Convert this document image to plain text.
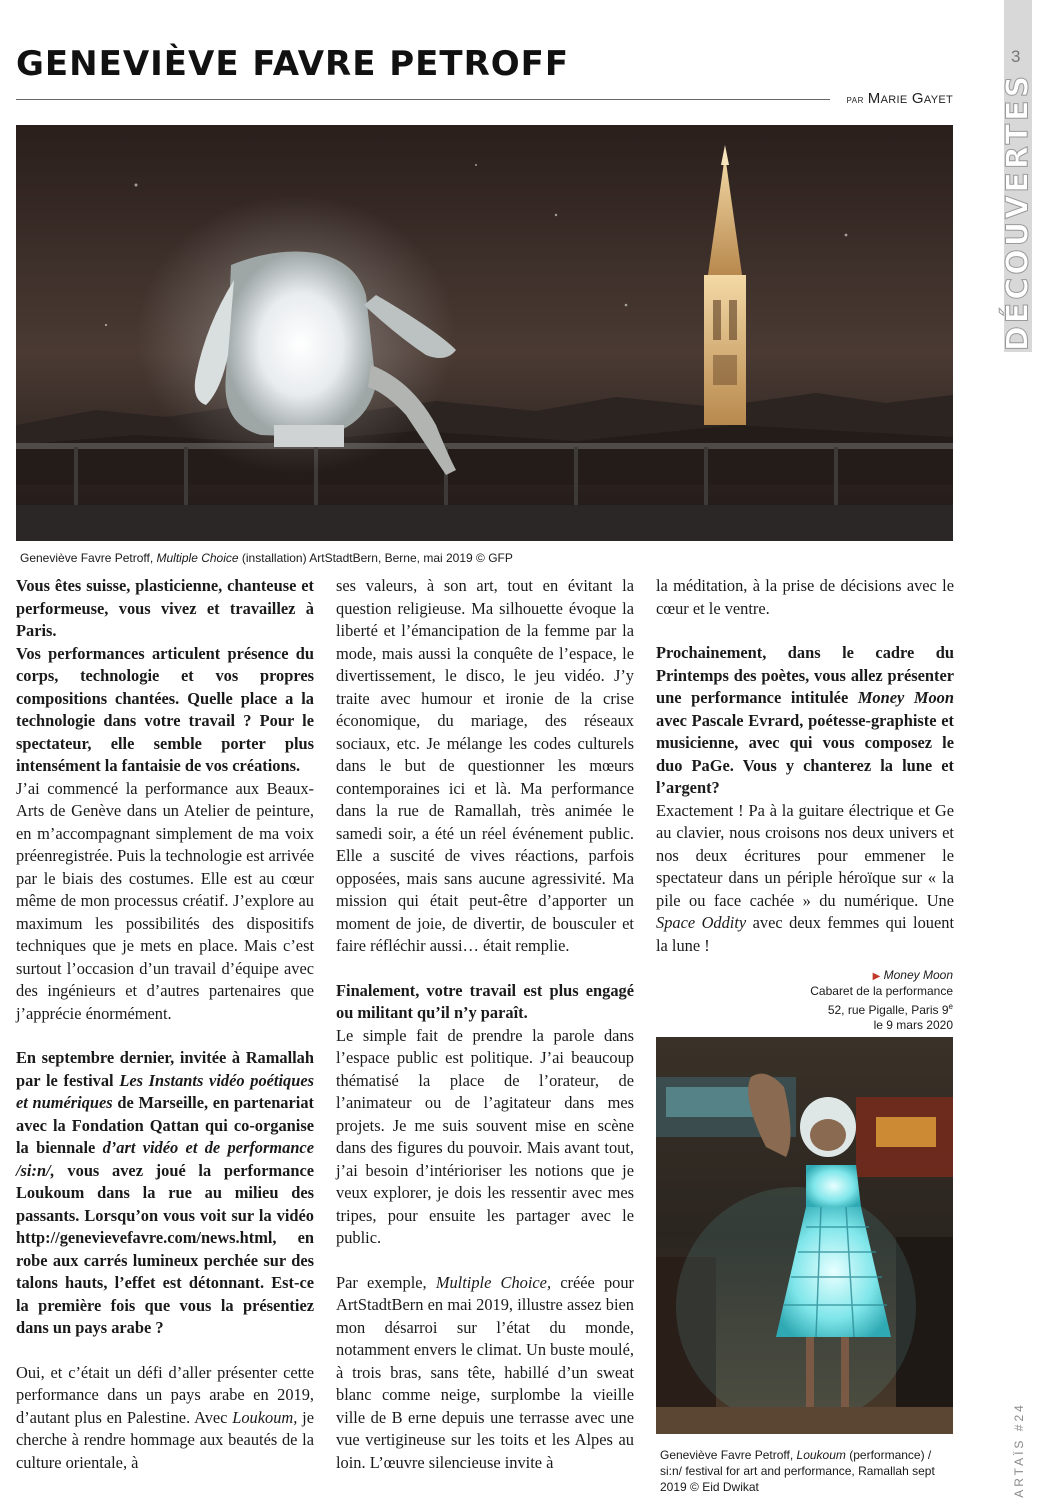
GENEVIÈVE FAVRE PETROFF
par Marie Gayet
3
DÉCOUVERTES
ARTAÏS #24
Geneviève Favre Petroff, Multiple Choice (installation) ArtStadtBern, Berne, mai 2019 © GFP

Vous êtes suisse, plasticienne, chanteuse et performeuse, vous vivez et travaillez à Paris.

Vos performances articulent présence du corps, technologie et vos propres compositions chantées. Quelle place a la technologie dans votre travail ? Pour le spectateur, elle semble porter plus intensément la fantaisie de vos créations.

J’ai commencé la performance aux Beaux-Arts de Genève dans un Atelier de peinture, en m’accompagnant simplement de ma voix préenregistrée. Puis la technologie est arrivée par le biais des costumes. Elle est au cœur même de mon processus créatif. J’explore au maximum les possibilités des dispositifs techniques que je mets en place. Mais c’est surtout l’occasion d’un travail d’équipe avec des ingénieurs et d’autres partenaires que j’apprécie énormément.

En septembre dernier, invitée à Ramallah par le festival Les Instants vidéo poétiques et numériques de Marseille, en partenariat avec la Fondation Qattan qui co-organise la biennale d’art vidéo et de performance /si:n/, vous avez joué la performance Loukoum dans la rue au milieu des passants. Lorsqu’on vous voit sur la vidéo http://genevievefavre.com/news.html, en robe aux carrés lumineux perchée sur des talons hauts, l’effet est détonnant. Est-ce la première fois que vous la présentiez dans un pays arabe ?

Oui, et c’était un défi d’aller présenter cette performance dans un pays arabe en 2019, d’autant plus en Palestine. Avec Loukoum, je cherche à rendre hommage aux beautés de la culture orientale, à

ses valeurs, à son art, tout en évitant la question religieuse. Ma silhouette évoque la liberté et l’émancipation de la femme par la mode, mais aussi la conquête de l’espace, le divertissement, le disco, le jeu vidéo. J’y traite avec humour et ironie de la crise économique, du mariage, des réseaux sociaux, etc. Je mélange les codes culturels dans le but de questionner les mœurs contemporaines ici et là. Ma performance dans la rue de Ramallah, très animée le samedi soir, a été un réel événement public. Elle a suscité de vives réactions, parfois opposées, mais sans aucune agressivité. Ma mission qui était peut-être d’apporter un moment de joie, de divertir, de bousculer et faire réfléchir aussi… était remplie.

Finalement, votre travail est plus engagé ou militant qu’il n’y paraît.

Le simple fait de prendre la parole dans l’espace public est politique. J’ai beaucoup thématisé la place de l’orateur, de l’animateur ou de l’agitateur dans mes projets. Je me suis souvent mise en scène dans des figures du pouvoir. Mais avant tout, j’ai besoin d’intérioriser les notions que je veux explorer, je dois les ressentir avec mes tripes, pour ensuite les partager avec le public.

Par exemple, Multiple Choice, créée pour ArtStadtBern en mai 2019, illustre assez bien mon désarroi sur l’état du monde, notamment envers le climat. Un buste moulé, à trois bras, sans tête, habillé d’un sweat blanc comme neige, surplombe la vieille ville de B erne depuis une terrasse avec une vue vertigineuse sur les toits et les Alpes au loin. L’œuvre silencieuse invite à

la méditation, à la prise de décisions avec le cœur et le ventre.

Prochainement, dans le cadre du Printemps des poètes, vous allez présenter une performance intitulée Money Moon avec Pascale Evrard, poétesse-graphiste et musicienne, avec qui vous composez le duo PaGe. Vous y chanterez la lune et l’argent?

Exactement ! Pa à la guitare électrique et Ge au clavier, nous croisons nos deux univers et nos deux écritures pour emmener le spectateur dans un périple héroïque sur « la pile ou face cachée » du numérique. Une Space Oddity avec deux femmes qui louent la lune !

▶ Money Moon
Cabaret de la performance
52, rue Pigalle, Paris 9e
le 9 mars 2020
Geneviève Favre Petroff, Loukoum (performance) / si:n/ festival for art and performance, Ramallah sept 2019 © Eid Dwikat
